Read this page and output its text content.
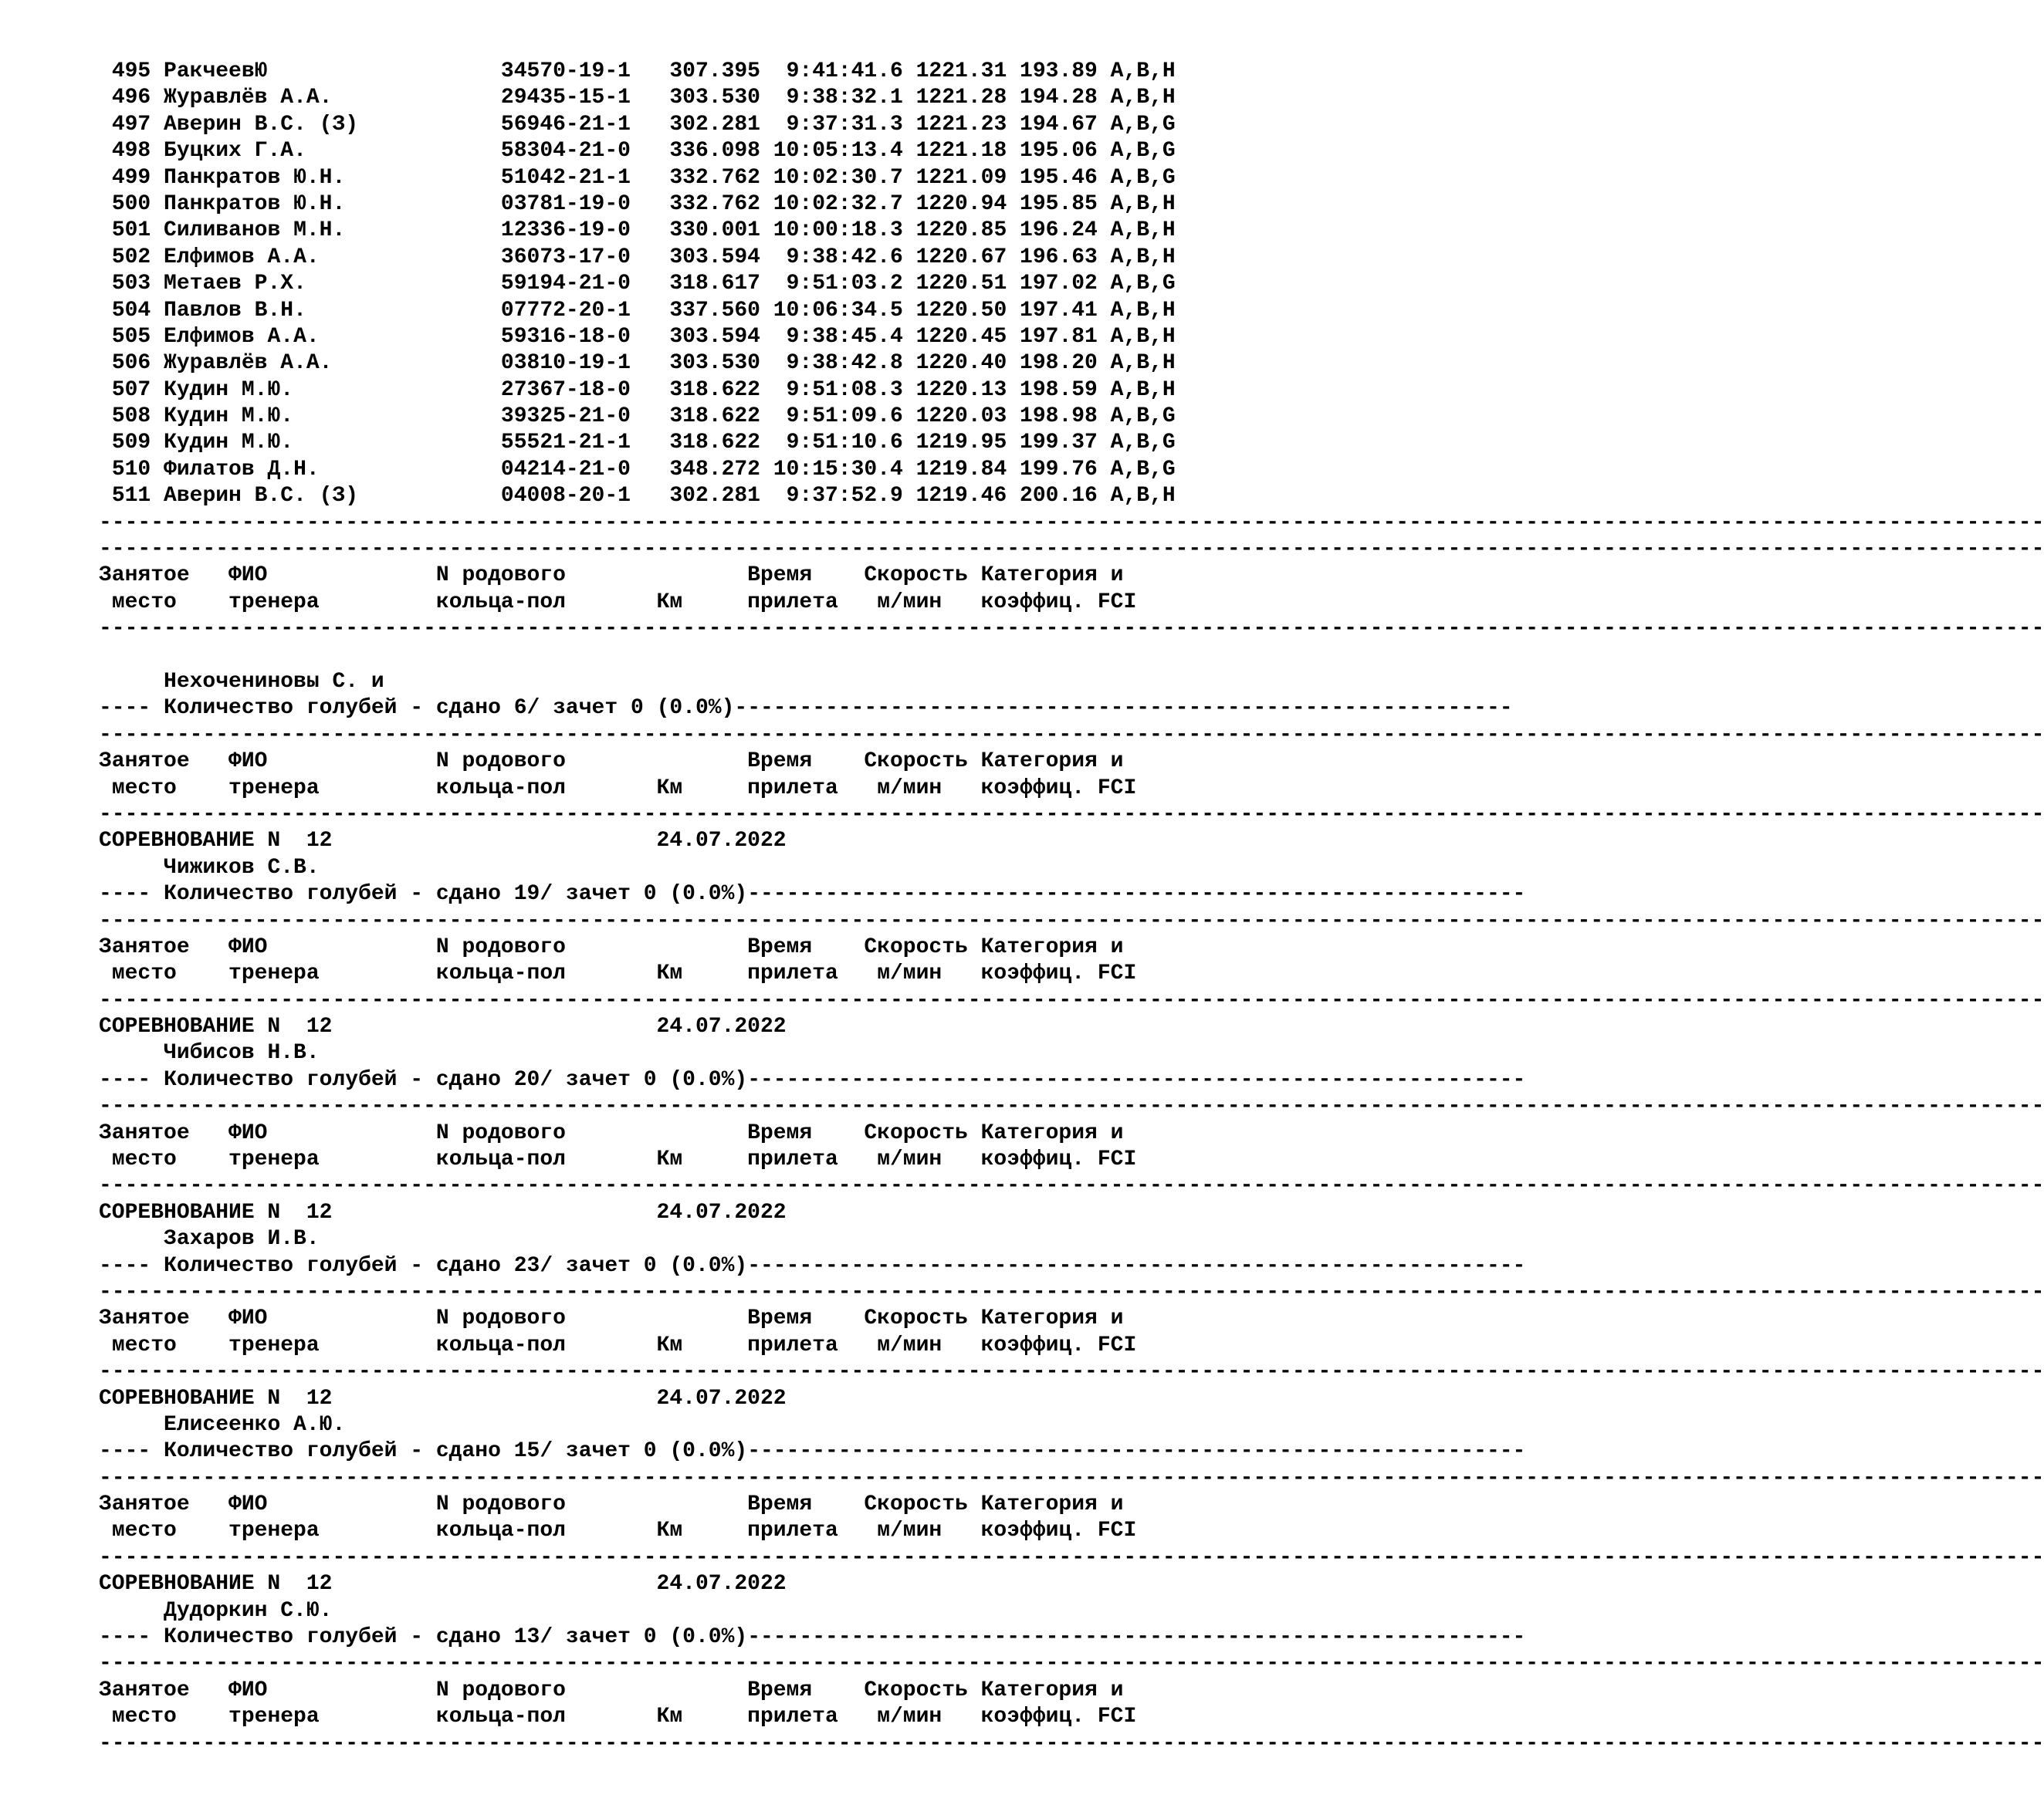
495 РакчеевЮ                  34570-19-1   307.395  9:41:41.6 1221.31 193.89 A,B,H
496 Журавлёв А.А.             29435-15-1   303.530  9:38:32.1 1221.28 194.28 A,B,H
497 Аверин В.С. (З)           56946-21-1   302.281  9:37:31.3 1221.23 194.67 A,B,G
498 Буцких Г.А.               58304-21-0   336.098 10:05:13.4 1221.18 195.06 A,B,G
499 Панкратов Ю.Н.            51042-21-1   332.762 10:02:30.7 1221.09 195.46 A,B,G
500 Панкратов Ю.Н.            03781-19-0   332.762 10:02:32.7 1220.94 195.85 A,B,H
501 Силиванов М.Н.            12336-19-0   330.001 10:00:18.3 1220.85 196.24 A,B,H
502 Елфимов А.А.              36073-17-0   303.594  9:38:42.6 1220.67 196.63 A,B,H
503 Метаев Р.Х.               59194-21-0   318.617  9:51:03.2 1220.51 197.02 A,B,G
504 Павлов В.Н.               07772-20-1   337.560 10:06:34.5 1220.50 197.41 A,B,H
505 Елфимов А.А.              59316-18-0   303.594  9:38:45.4 1220.45 197.81 A,B,H
506 Журавлёв А.А.             03810-19-1   303.530  9:38:42.8 1220.40 198.20 A,B,H
507 Кудин М.Ю.                27367-18-0   318.622  9:51:08.3 1220.13 198.59 A,B,H
508 Кудин М.Ю.                39325-21-0   318.622  9:51:09.6 1220.03 198.98 A,B,G
509 Кудин М.Ю.                55521-21-1   318.622  9:51:10.6 1219.95 199.37 A,B,G
510 Филатов Д.Н.              04214-21-0   348.272 10:15:30.4 1219.84 199.76 A,B,G
511 Аверин В.С. (З)           04008-20-1   302.281  9:37:52.9 1219.46 200.16 A,B,H
------------------------------------------------------------------------------------------------------------------------------------------------------
------------------------------------------------------------------------------------------------------------------------------------------------------
Занятое   ФИО             N родового              Время    Скорость Категория и
место    тренера         кольца-пол       Км     прилета   м/мин   коэффиц. FCI
------------------------------------------------------------------------------------------------------------------------------------------------------
Нехочениновы С. и
---- Количество голубей - сдано 6/ зачет 0 (0.0%)------------------------------------------------------------
------------------------------------------------------------------------------------------------------------------------------------------------------
Занятое   ФИО             N родового              Время    Скорость Категория и
место    тренера         кольца-пол       Км     прилета   м/мин   коэффиц. FCI
------------------------------------------------------------------------------------------------------------------------------------------------------
СОРЕВНОВАНИЕ N 12                         24.07.2022
Чижиков С.В.
---- Количество голубей - сдано 19/ зачет 0 (0.0%)------------------------------------------------------------
------------------------------------------------------------------------------------------------------------------------------------------------------
Занятое   ФИО             N родового              Время    Скорость Категория и
место    тренера         кольца-пол       Км     прилета   м/мин   коэффиц. FCI
------------------------------------------------------------------------------------------------------------------------------------------------------
СОРЕВНОВАНИЕ N 12                         24.07.2022
Чибисов Н.В.
---- Количество голубей - сдано 20/ зачет 0 (0.0%)------------------------------------------------------------
------------------------------------------------------------------------------------------------------------------------------------------------------
Занятое   ФИО             N родового              Время    Скорость Категория и
место    тренера         кольца-пол       Км     прилета   м/мин   коэффиц. FCI
------------------------------------------------------------------------------------------------------------------------------------------------------
СОРЕВНОВАНИЕ N 12                         24.07.2022
Захаров И.В.
---- Количество голубей - сдано 23/ зачет 0 (0.0%)------------------------------------------------------------
------------------------------------------------------------------------------------------------------------------------------------------------------
Занятое   ФИО             N родового              Время    Скорость Категория и
место    тренера         кольца-пол       Км     прилета   м/мин   коэффиц. FCI
------------------------------------------------------------------------------------------------------------------------------------------------------
СОРЕВНОВАНИЕ N 12                         24.07.2022
Елисеенко А.Ю.
---- Количество голубей - сдано 15/ зачет 0 (0.0%)------------------------------------------------------------
------------------------------------------------------------------------------------------------------------------------------------------------------
Занятое   ФИО             N родового              Время    Скорость Категория и
место    тренера         кольца-пол       Км     прилета   м/мин   коэффиц. FCI
------------------------------------------------------------------------------------------------------------------------------------------------------
СОРЕВНОВАНИЕ N 12                         24.07.2022
Дудоркин С.Ю.
---- Количество голубей - сдано 13/ зачет 0 (0.0%)------------------------------------------------------------
------------------------------------------------------------------------------------------------------------------------------------------------------
Занятое   ФИО             N родового              Время    Скорость Категория и
место    тренера         кольца-пол       Км     прилета   м/мин   коэффиц. FCI
------------------------------------------------------------------------------------------------------------------------------------------------------
